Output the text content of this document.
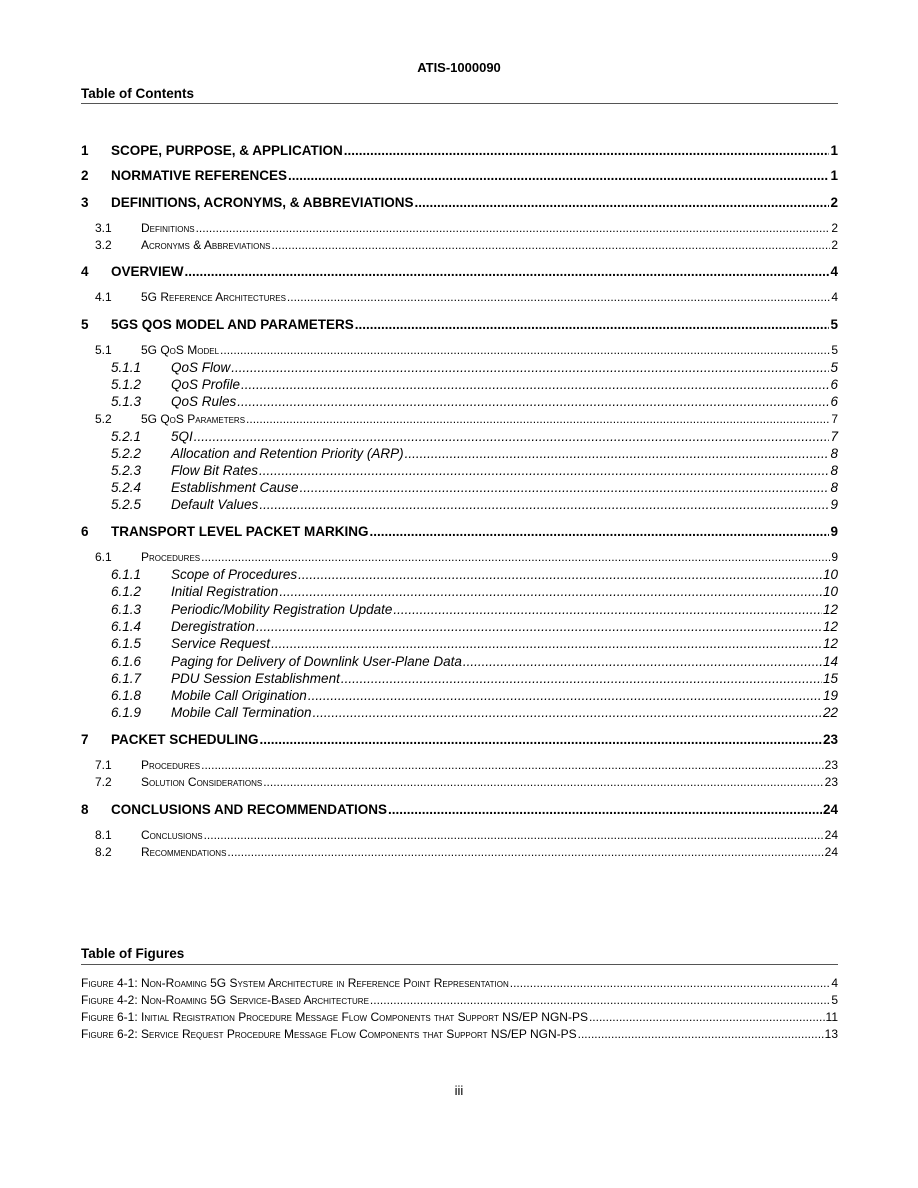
ATIS-1000090
Table of Contents
1	SCOPE, PURPOSE, & APPLICATION .....	1
2	NORMATIVE REFERENCES .....	1
3	DEFINITIONS, ACRONYMS, & ABBREVIATIONS .....	2
3.1	Definitions .....	2
3.2	Acronyms & Abbreviations .....	2
4	OVERVIEW .....	4
4.1	5G Reference Architectures .....	4
5	5GS QOS MODEL AND PARAMETERS .....	5
5.1	5G QoS Model .....	5
5.1.1	QoS Flow .....	5
5.1.2	QoS Profile .....	6
5.1.3	QoS Rules .....	6
5.2	5G QoS Parameters .....	7
5.2.1	5QI .....	7
5.2.2	Allocation and Retention Priority (ARP) .....	8
5.2.3	Flow Bit Rates .....	8
5.2.4	Establishment Cause .....	8
5.2.5	Default Values .....	9
6	TRANSPORT LEVEL PACKET MARKING .....	9
6.1	Procedures .....	9
6.1.1	Scope of Procedures .....	10
6.1.2	Initial Registration .....	10
6.1.3	Periodic/Mobility Registration Update .....	12
6.1.4	Deregistration .....	12
6.1.5	Service Request .....	12
6.1.6	Paging for Delivery of Downlink User-Plane Data .....	14
6.1.7	PDU Session Establishment .....	15
6.1.8	Mobile Call Origination .....	19
6.1.9	Mobile Call Termination .....	22
7	PACKET SCHEDULING .....	23
7.1	Procedures .....	23
7.2	Solution Considerations .....	23
8	CONCLUSIONS AND RECOMMENDATIONS .....	24
8.1	Conclusions .....	24
8.2	Recommendations .....	24
Table of Figures
Figure 4-1: Non-Roaming 5G System Architecture in Reference Point Representation .....	4
Figure 4-2: Non-Roaming 5G Service-Based Architecture .....	5
Figure 6-1: Initial Registration Procedure Message Flow Components that Support NS/EP NGN-PS .....	11
Figure 6-2: Service Request Procedure Message Flow Components that Support NS/EP NGN-PS .....	13
iii
